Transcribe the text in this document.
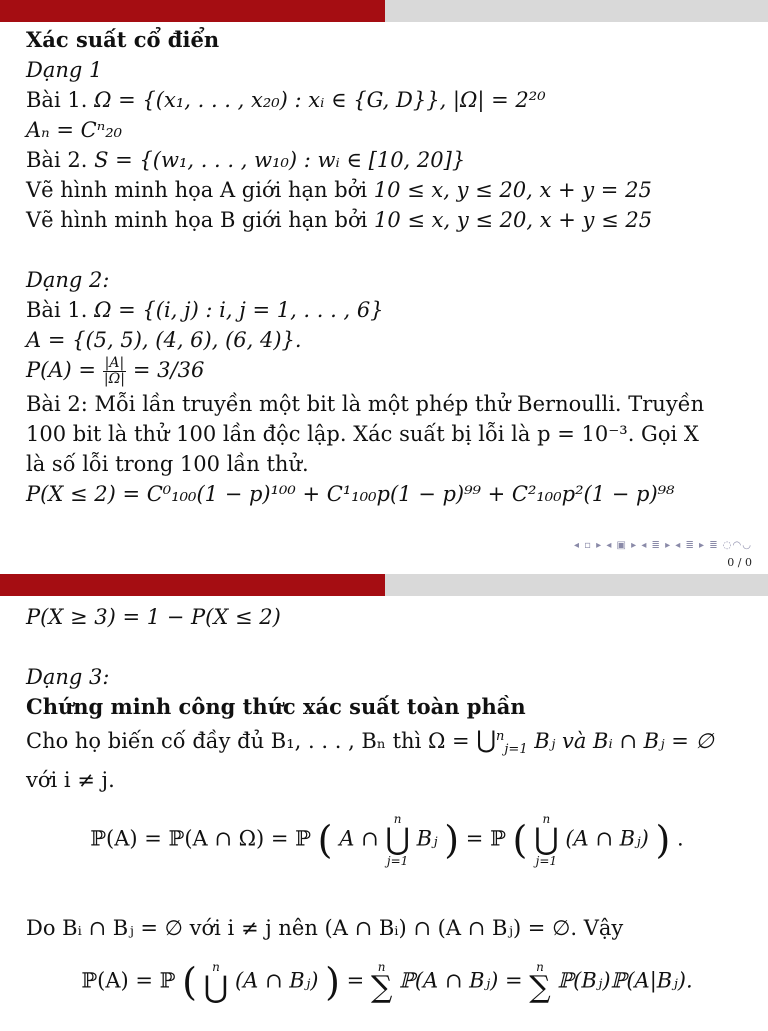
Xác suất cổ điển
Dạng 1
Bài 1. Ω = {(x₁, . . . , x₂₀) : xᵢ ∈ {G, D}}, |Ω| = 2²⁰
Aₙ = Cⁿ₂₀
Bài 2. S = {(w₁, . . . , w₁₀) : wᵢ ∈ [10, 20]}
Vẽ hình minh họa A giới hạn bởi 10 ≤ x, y ≤ 20, x + y = 25
Vẽ hình minh họa B giới hạn bởi 10 ≤ x, y ≤ 20, x + y ≤ 25
Dạng 2:
Bài 1. Ω = {(i, j) : i, j = 1, . . . , 6}
A = {(5, 5), (4, 6), (6, 4)}.
$P(A) = \frac{|A|}{|\Omega|} = 3/36$
Bài 2: Mỗi lần truyền một bit là một phép thử Bernoulli. Truyền
100 bit là thử 100 lần độc lập. Xác suất bị lỗi là p = 10⁻³. Gọi X
là số lỗi trong 100 lần thử.
P(X ≤ 2) = C⁰₁₀₀(1 − p)¹⁰⁰ + C¹₁₀₀p(1 − p)⁹⁹ + C²₁₀₀p²(1 − p)⁹⁸
◂ ▫ ▸ ◂ ▣ ▸ ◂ ≣ ▸ ◂ ≣ ▸ ≣ ◌◠◡
0 / 0
P(X ≥ 3) = 1 − P(X ≤ 2)
Dạng 3:
Chứng minh công thức xác suất toàn phần
Cho họ biến cố đầy đủ B₁, . . . , Bₙ thì Ω = ⋃$^n_{j=1}$ Bⱼ và Bᵢ ∩ Bⱼ = ∅
với i ≠ j.
ℙ(A) = ℙ(A ∩ Ω) = ℙ ( A ∩
n
⋃
j=1
Bⱼ ) = ℙ ( n
⋃
j=1
(A ∩ Bⱼ) ) .
Do Bᵢ ∩ Bⱼ = ∅ với i ≠ j nên (A ∩ Bᵢ) ∩ (A ∩ Bⱼ) = ∅. Vậy
ℙ(A) = ℙ ( n
⋃ (A ∩ Bⱼ) ) =
n
∑ ℙ(A ∩ Bⱼ) =
n
∑ ℙ(Bⱼ)ℙ(A|Bⱼ).
